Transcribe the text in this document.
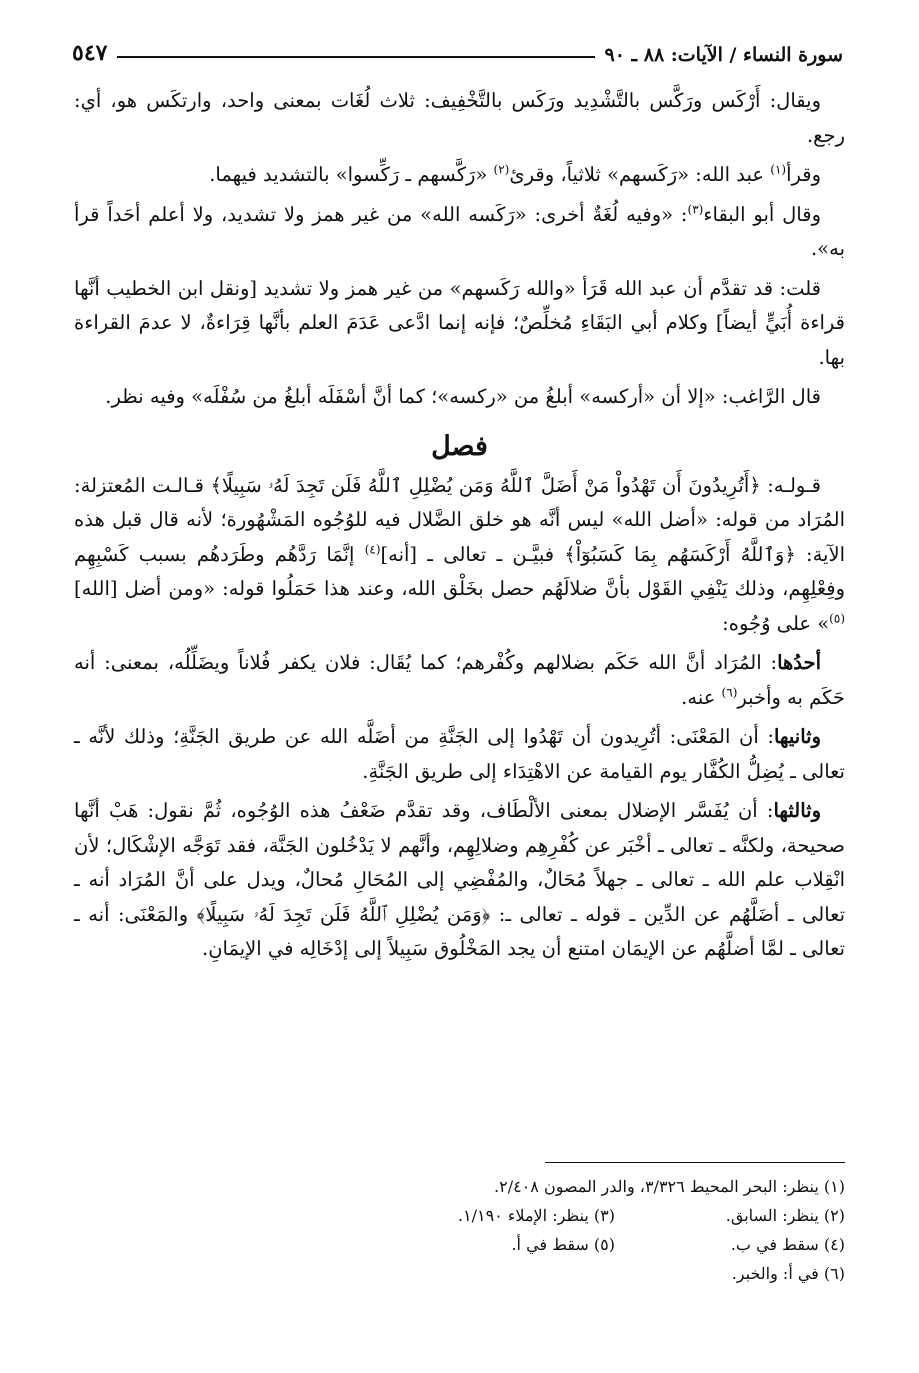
سورة النساء / الآيات: ٨٨ ـ ٩٠
٥٤٧

ويقال: أَرْكَس ورَكَّس بالتَّشْدِيد ورَكَس بالتَّخْفِيف: ثلاث لُغَات بمعنى واحد، وارتكَس هو، أي: رجع.

وقرأ$^{(١)}$ عبد الله: «رَكَسهم» ثلاثياً، وقرئ$^{(٢)}$ «رَكَّسهم ـ رَكِّسوا» بالتشديد فيهما.

وقال أبو البقاء$^{(٣)}$: «وفيه لُغَةٌ أخرى: «رَكَسه الله» من غير همز ولا تشديد، ولا أعلم أحَداً قرأ به».

قلت: قد تقدَّم أن عبد الله قَرَأ «والله رَكَسهم» من غير همز ولا تشديد [ونقل ابن الخطيب أنَّها قراءة أُبَيٍّ أيضاً] وكلام أبي البَقَاءِ مُخلِّصٌ؛ فإنه إنما ادَّعى عَدَمَ العلم بأنَّها قِرَاءةٌ، لا عدمَ القراءة بها.

قال الرَّاغب: «إلا أن «أركسه» أبلغُ من «ركسه»؛ كما أنَّ أسْفَلَه أبلغُ من سُفْلَه» وفيه نظر.

فصل

قـولـه: ﴿أَتُرِيدُونَ أَن تَهْدُواْ مَنْ أَضَلَّ ٱللَّهُ وَمَن يُضْلِلِ ٱللَّهُ فَلَن تَجِدَ لَهُۥ سَبِيلًا﴾ قـالـت المُعتزلة: المُرَاد من قوله: «أضل الله» ليس أنَّه هو خلق الضَّلال فيه للوُجُوه المَشْهُورة؛ لأنه قال قبل هذه الآية: ﴿وَٱللَّهُ أَرْكَسَهُم بِمَا كَسَبُوٓاْ﴾ فبيَّـن ـ تعالى ـ [أنه]$^{(٤)}$ إنَّمَا رَدَّهُم وطَرَدهُم بسبب كَسْبِهِم وفِعْلِهِم، وذلك يَنْفِي القَوْل بأنَّ ضلالَهُم حصل بخَلْق الله، وعند هذا حَمَلُوا قوله: «ومن أضل [الله]$^{(٥)}$» على وُجُوه:

أحدُها: المُرَاد أنَّ الله حَكَم بضلالهم وكُفْرهم؛ كما يُقَال: فلان يكفر فُلاناً ويضَلِّلُه، بمعنى: أنه حَكَم به وأخبر$^{(٦)}$ عنه.

وثانيها: أن المَعْنَى: أتُرِيدون أن تَهْدُوا إلى الجَنَّةِ من أضَلَّه الله عن طريق الجَنَّةِ؛ وذلك لأنَّه ـ تعالى ـ يُضِلُّ الكُفَّار يوم القيامة عن الاهْتِدَاء إلى طريق الجَنَّةِ.

وثالثها: أن يُفَسَّر الإضلال بمعنى الألْطَاف، وقد تقدَّم ضَعْفُ هذه الوُجُوه، ثُمَّ نقول: هَبْ أنَّها صحيحة، ولكنَّه ـ تعالى ـ أخْبَر عن كُفْرِهِم وضلالِهِم، وأنَّهم لا يَدْخُلون الجَنَّة، فقد تَوَجَّه الإشْكَال؛ لأن انْقِلاب علم الله ـ تعالى ـ جهلاً مُحَالٌ، والمُفْضِي إلى المُحَالِ مُحالٌ، ويدل على أنَّ المُرَاد أنه ـ تعالى ـ أضَلَّهُم عن الدِّين ـ قوله ـ تعالى ـ: ﴿وَمَن يُضْلِلِ ٱللَّهُ فَلَن تَجِدَ لَهُۥ سَبِيلًا﴾ والمَعْنَى: أنه ـ تعالى ـ لمَّا أضلَّهُم عن الإيمَان امتنع أن يجد المَخْلُوق سَبِيلاً إلى إدْخَالِه في الإيمَانِ.

(١) ينظر: البحر المحيط ٣/٣٢٦، والدر المصون ٢/٤٠٨.
(٢) ينظر: السابق.
(٣) ينظر: الإملاء ١/١٩٠.
(٤) سقط في ب.
(٥) سقط في أ.
(٦) في أ: والخبر.
